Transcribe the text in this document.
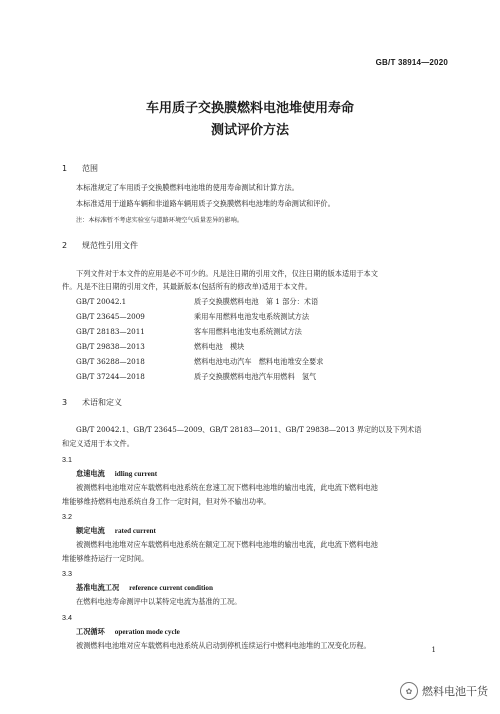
GB/T 38914—2020
车用质子交换膜燃料电池堆使用寿命
测试评价方法
1 范围
本标准规定了车用质子交换膜燃料电池堆的使用寿命测试和计算方法。
本标准适用于道路车辆和非道路车辆用质子交换膜燃料电池堆的寿命测试和评价。
注：本标准暂不考虑实验室与道路环境空气质量差异的影响。
2 规范性引用文件
下列文件对于本文件的应用是必不可少的。凡是注日期的引用文件，仅注日期的版本适用于本文
件。凡是不注日期的引用文件，其最新版本(包括所有的修改单)适用于本文件。
GB/T 20042.1	质子交换膜燃料电池　第 1 部分：术语
GB/T 23645—2009	乘用车用燃料电池发电系统测试方法
GB/T 28183—2011	客车用燃料电池发电系统测试方法
GB/T 29838—2013	燃料电池　模块
GB/T 36288—2018	燃料电池电动汽车　燃料电池堆安全要求
GB/T 37244—2018	质子交换膜燃料电池汽车用燃料　氢气
3 术语和定义
GB/T 20042.1、GB/T 23645—2009、GB/T 28183—2011、GB/T 29838—2013 界定的以及下列术语
和定义适用于本文件。
3.1
怠速电流 idling current
被测燃料电池堆对应车载燃料电池系统在怠速工况下燃料电池堆的输出电流，此电流下燃料电池
堆能够维持燃料电池系统自身工作一定时间，但对外不输出功率。
3.2
额定电流 rated current
被测燃料电池堆对应车载燃料电池系统在额定工况下燃料电池堆的输出电流，此电流下燃料电池
堆能够维持运行一定时间。
3.3
基准电流工况 reference current condition
在燃料电池寿命测评中以某特定电流为基准的工况。
3.4
工况循环 operation mode cycle
被测燃料电池堆对应车载燃料电池系统从启动到停机连续运行中燃料电池堆的工况变化历程。	1
✿ 燃料电池干货
